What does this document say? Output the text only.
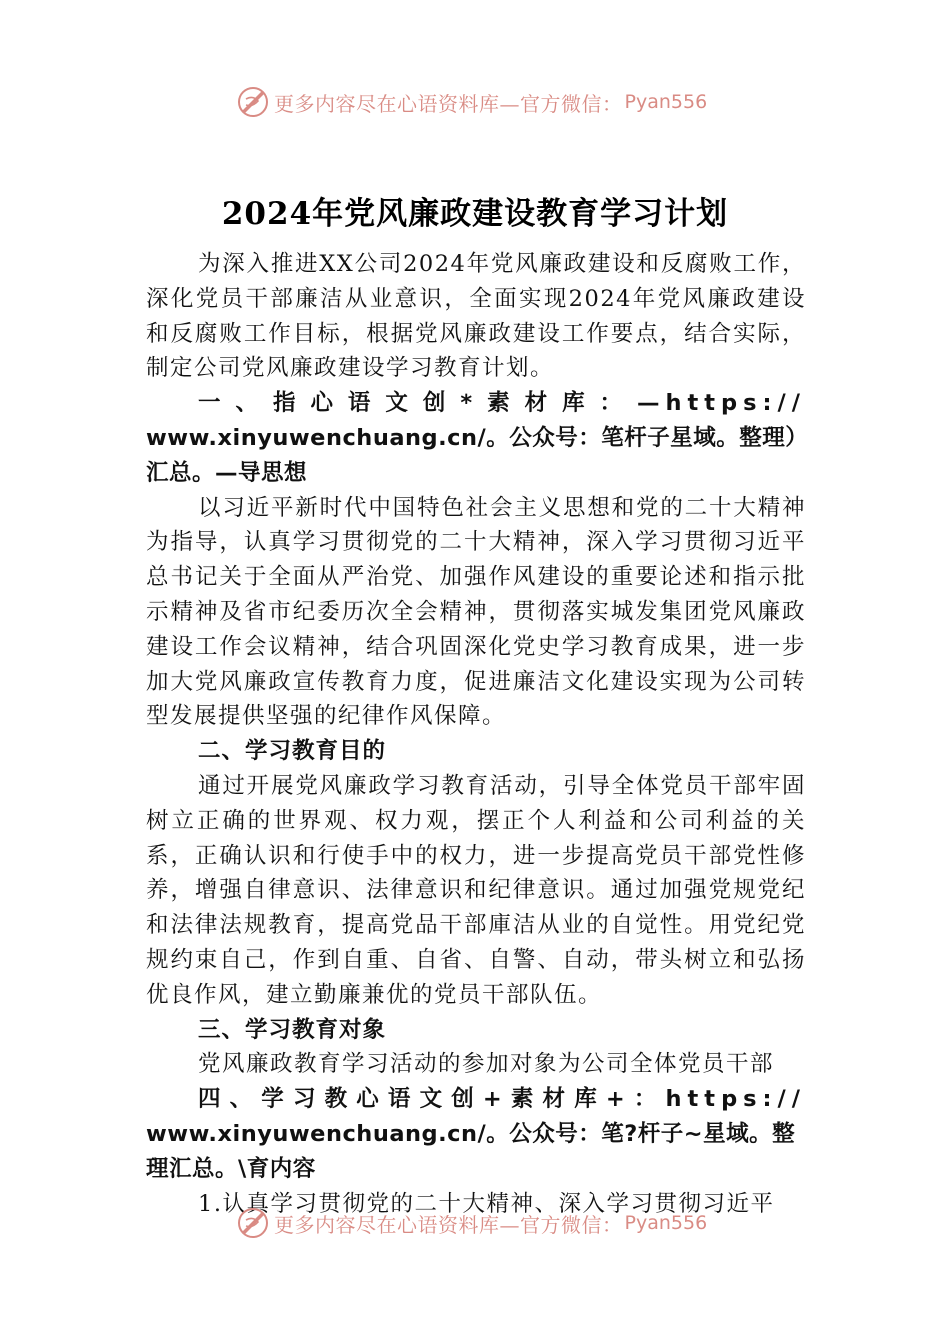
更多内容尽在心语资料库—官方微信： Pyan556
2024年党风廉政建设教育学习计划

为深入推进XX公司2024年党风廉政建设和反腐败工作，深化党员干部廉洁从业意识，全面实现2024年党风廉政建设和反腐败工作目标，根据党风廉政建设工作要点，结合实际，制定公司党风廉政建设学习教育计划。

一、指心语文创*素材库：—https://
www.xinyuwenchuang.cn/。公众号：笔杆子星域。整理）汇总。—导思想

以习近平新时代中国特色社会主义思想和党的二十大精神为指导，认真学习贯彻党的二十大精神，深入学习贯彻习近平总书记关于全面从严治党、加强作风建设的重要论述和指示批示精神及省市纪委历次全会精神，贯彻落实城发集团党风廉政建设工作会议精神，结合巩固深化党史学习教育成果，进一步加大党风廉政宣传教育力度，促进廉洁文化建设实现为公司转型发展提供坚强的纪律作风保障。

二、学习教育目的

通过开展党风廉政学习教育活动，引导全体党员干部牢固树立正确的世界观、权力观，摆正个人利益和公司利益的关系，正确认识和行使手中的权力，进一步提高党员干部党性修养，增强自律意识、法律意识和纪律意识。通过加强党规党纪和法律法规教育，提高党品干部庫洁从业的自觉性。用党纪党规约束自己，作到自重、自省、自警、自动，带头树立和弘扬优良作风，建立勤廉兼优的党员干部队伍。

三、学习教育对象

党风廉政教育学习活动的参加对象为公司全体党员干部

四、学习教心语文创+素材库+：https://
www.xinyuwenchuang.cn/。公众号：笔?杆子~星域。整理汇总。\育内容

1.认真学习贯彻党的二十大精神、深入学习贯彻习近平

更多内容尽在心语资料库—官方微信： Pyan556
